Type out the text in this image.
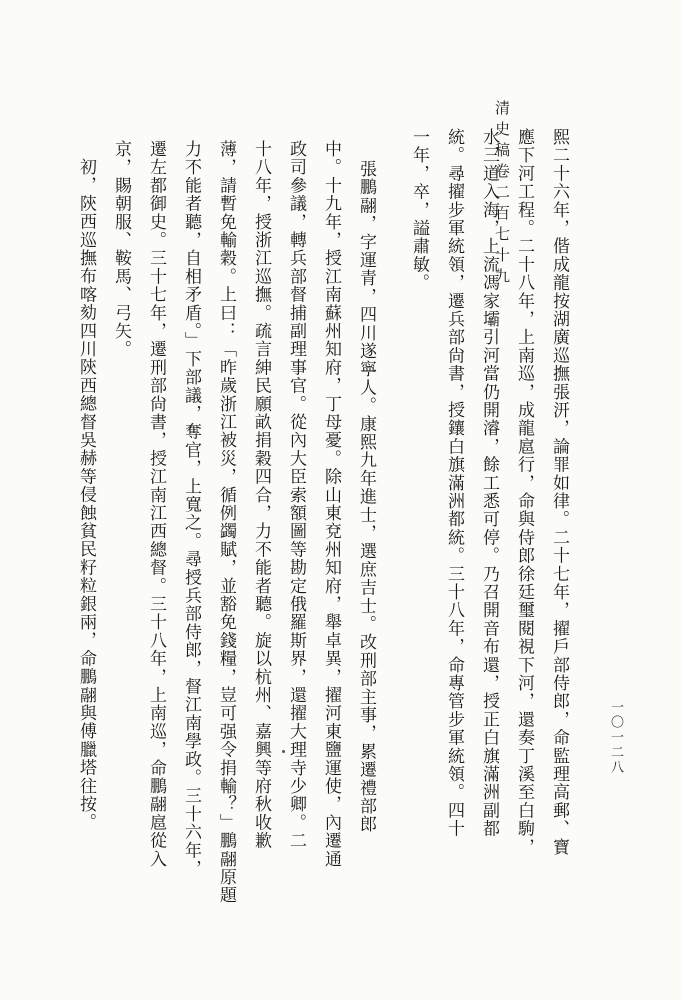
清史稿卷二百七十九
一〇一二八
熙二十六年，偕成龍按湖廣巡撫張汧，論罪如律。二十七年，擢戶部侍郎，命監理高郵、寶
應下河工程。二十八年，上南巡，成龍扈行，命與侍郎徐廷璽閱視下河，還奏丁溪至白駒，
水三道入海，上流馮家壩引河當仍開濬，餘工悉可停。乃召開音布還，授正白旗滿洲副都
統。尋擢步軍統領，遷兵部尙書，授鑲白旗滿洲都統。三十八年，命專管步軍統領。四十
一年，卒，謚肅敏。
張鵬翮，字運青，四川遂寧人。康熙九年進士，選庶吉士。改刑部主事，累遷禮部郎
中。十九年，授江南蘇州知府，丁母憂。除山東兗州知府，舉卓異，擢河東鹽運使，內遷通
政司參議，轉兵部督捕副理事官。從內大臣索額圖等勘定俄羅斯界，還擢大理寺少卿。二
十八年，授浙江巡撫。疏言紳民願畝捐穀四合，力不能者聽。旋以杭州、嘉興等府秋收歉
薄，請暫免輸穀。上曰：「昨歲浙江被災，循例蠲賦，並豁免錢糧，豈可强令捐輸？」鵬翮原題
力不能者聽，自相矛盾。」下部議，奪官，上寬之。尋授兵部侍郎，督江南學政。三十六年，
遷左都御史。三十七年，遷刑部尙書，授江南江西總督。三十八年，上南巡，命鵬翮扈從入
京，賜朝服、鞍馬、弓矢。
初，陝西巡撫布喀劾四川陝西總督吳赫等侵蝕貧民籽粒銀兩，命鵬翮與傅臘塔往按。
